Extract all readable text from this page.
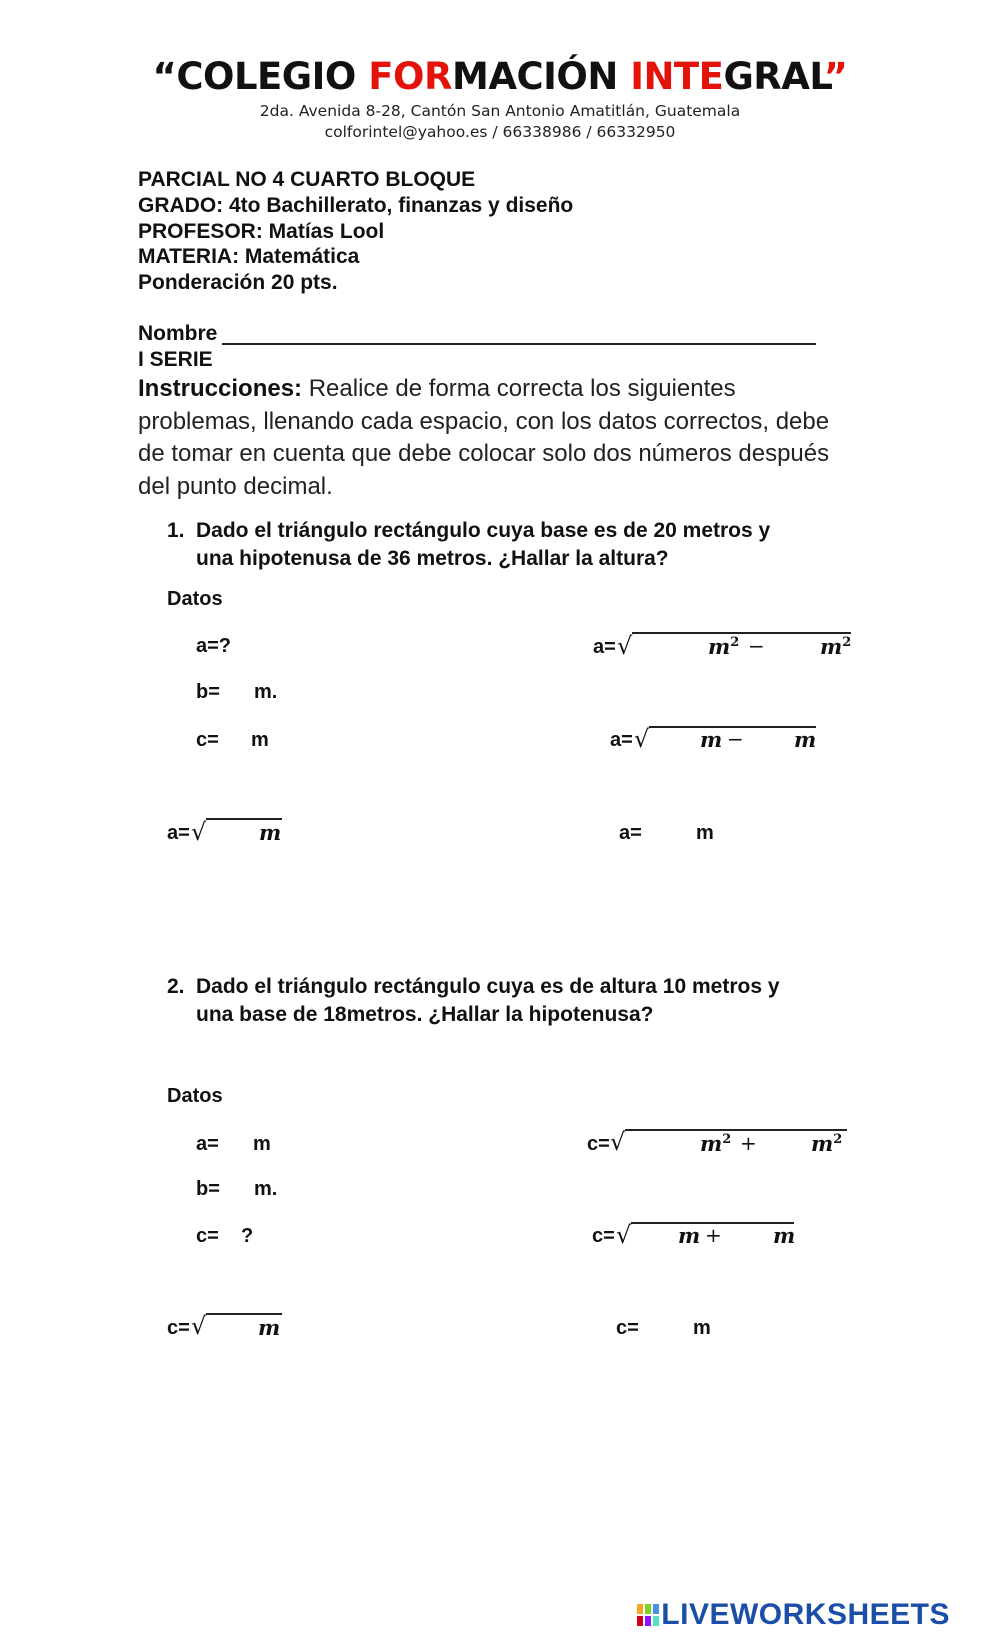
“COLEGIO FORMACIÓN INTEGRAL”
2da. Avenida 8-28, Cantón San Antonio Amatitlán, Guatemala
colforintel@yahoo.es / 66338986 / 66332950
PARCIAL NO 4 CUARTO BLOQUE
GRADO: 4to Bachillerato, finanzas y diseño
PROFESOR: Matías Lool
MATERIA: Matemática
Ponderación 20 pts.
Nombre
I SERIE
Instrucciones: Realice de forma correcta los siguientes problemas, llenando cada espacio, con los datos correctos, debe de tomar en cuenta que debe colocar solo dos números después del punto decimal.
1. Dado el triángulo rectángulo cuya base es de 20 metros y
una hipotenusa de 36 metros. ¿Hallar la altura?
Datos
a=?
b= m.
c= m
a= √	$m^2$ −	$m^2$
a= √ m − m
a= √	m	a=	m
2. Dado el triángulo rectángulo cuya es de altura 10 metros y
una base de 18metros. ¿Hallar la hipotenusa?
Datos
a= m
b= m.
c= ?
c= √	$m^2$ +	$m^2$
c= √ m + m
c= √ m	c=	m
LIVEWORKSHEETS
